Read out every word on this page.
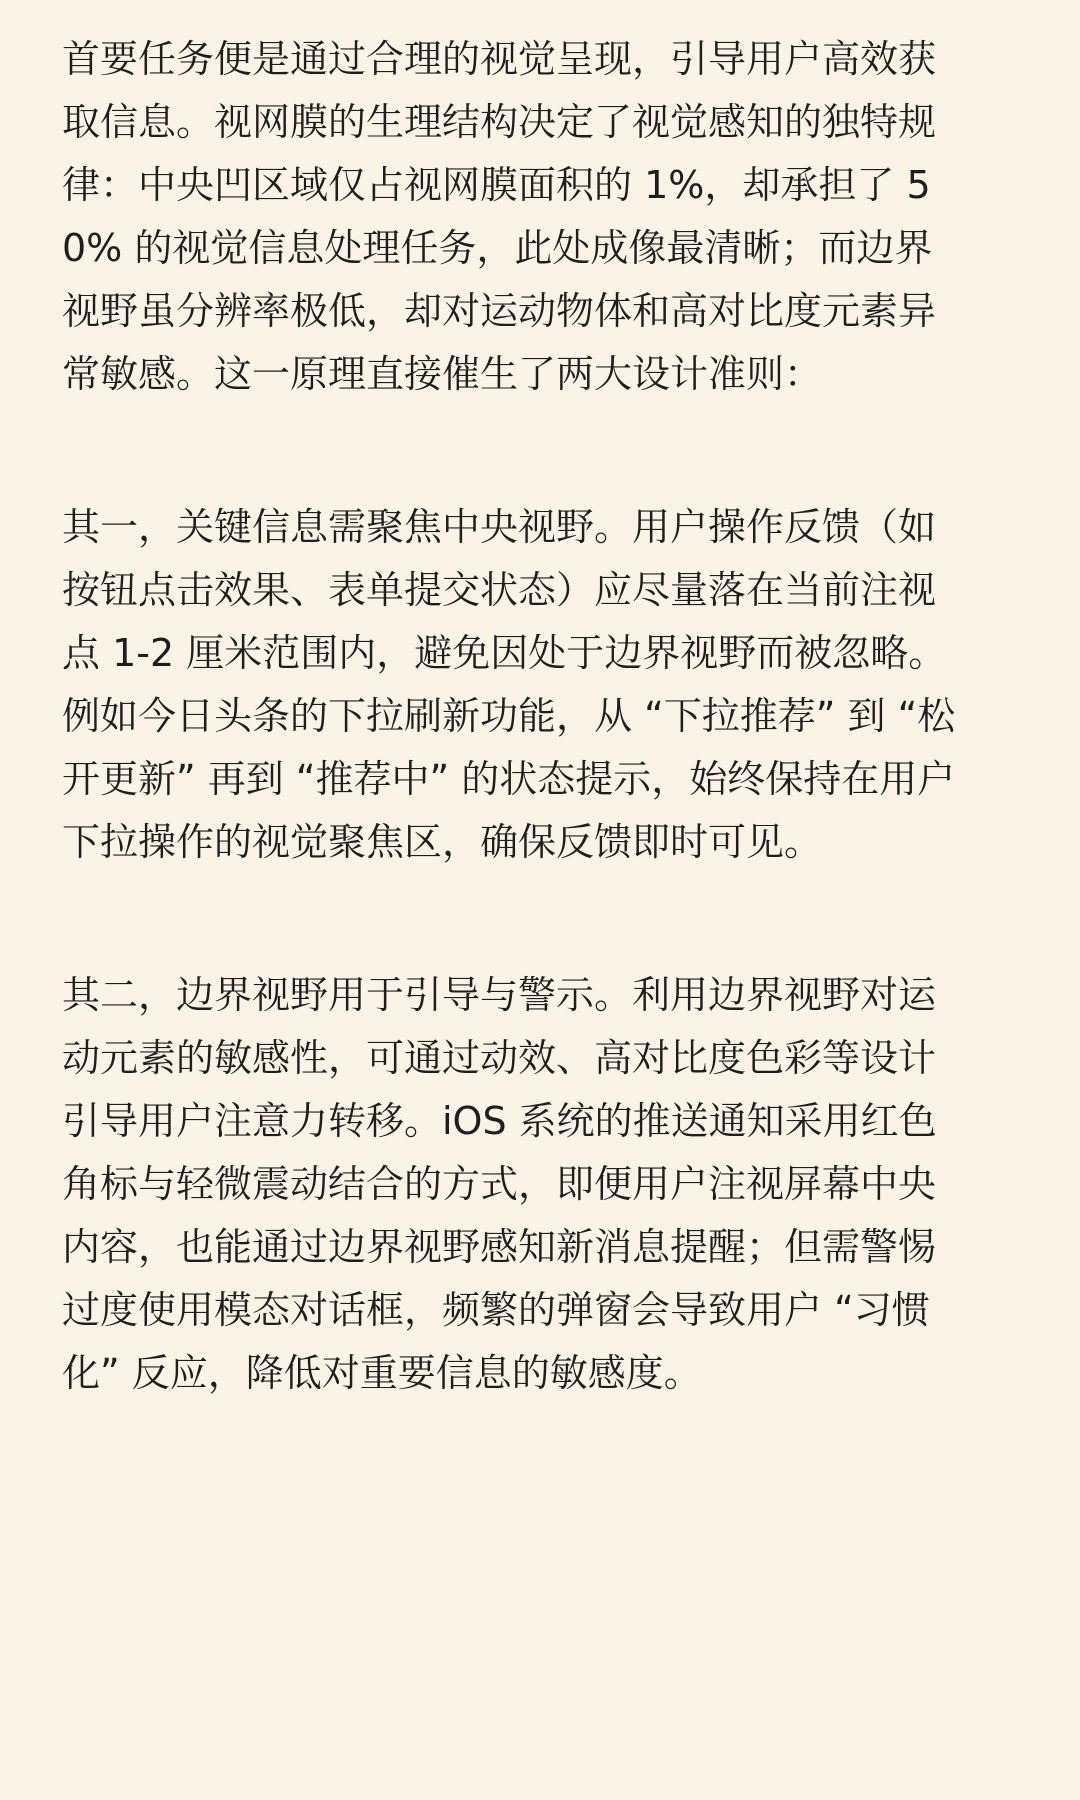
首要任务便是通过合理的视觉呈现，引导用户高效获
取信息。视网膜的生理结构决定了视觉感知的独特规
律：中央凹区域仅占视网膜面积的 1%，却承担了 5
0% 的视觉信息处理任务，此处成像最清晰；而边界
视野虽分辨率极低，却对运动物体和高对比度元素异
常敏感。这一原理直接催生了两大设计准则：
其一，关键信息需聚焦中央视野。用户操作反馈（如
按钮点击效果、表单提交状态）应尽量落在当前注视
点 1-2 厘米范围内，避免因处于边界视野而被忽略。
例如今日头条的下拉刷新功能，从 “下拉推荐” 到 “松
开更新” 再到 “推荐中” 的状态提示，始终保持在用户
下拉操作的视觉聚焦区，确保反馈即时可见。
其二，边界视野用于引导与警示。利用边界视野对运
动元素的敏感性，可通过动效、高对比度色彩等设计
引导用户注意力转移。iOS 系统的推送通知采用红色
角标与轻微震动结合的方式，即便用户注视屏幕中央
内容，也能通过边界视野感知新消息提醒；但需警惕
过度使用模态对话框，频繁的弹窗会导致用户 “习惯
化” 反应，降低对重要信息的敏感度。
